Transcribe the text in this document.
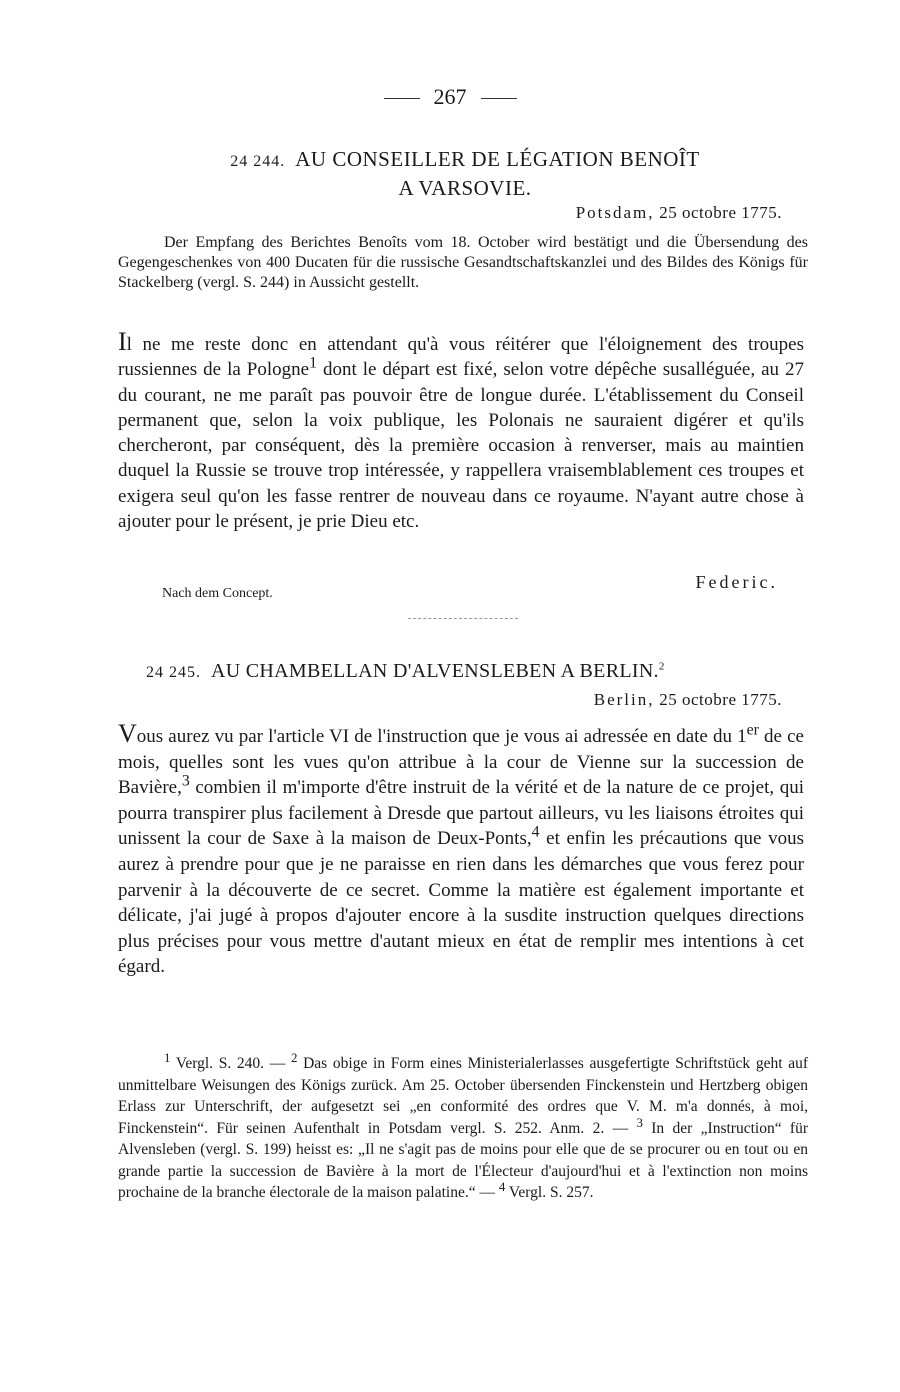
267
24 244. AU CONSEILLER DE LÉGATION BENOÎT
A VARSOVIE.
Potsdam, 25 octobre 1775.
Der Empfang des Berichtes Benoîts vom 18. October wird bestätigt und die Übersendung des Gegengeschenkes von 400 Ducaten für die russische Gesandtschaftskanzlei und des Bildes des Königs für Stackelberg (vergl. S. 244) in Aussicht gestellt.
Il ne me reste donc en attendant qu'à vous réitérer que l'éloignement des troupes russiennes de la Pologne$^1$ dont le départ est fixé, selon votre dépêche susalléguée, au 27 du courant, ne me paraît pas pouvoir être de longue durée. L'établissement du Conseil permanent que, selon la voix publique, les Polonais ne sauraient digérer et qu'ils chercheront, par conséquent, dès la première occasion à renverser, mais au maintien duquel la Russie se trouve trop intéressée, y rappellera vraisemblablement ces troupes et exigera seul qu'on les fasse rentrer de nouveau dans ce royaume. N'ayant autre chose à ajouter pour le présent, je prie Dieu etc.
Federic.
Nach dem Concept.
24 245. AU CHAMBELLAN D'ALVENSLEBEN A BERLIN.$^2$
Berlin, 25 octobre 1775.
Vous aurez vu par l'article VI de l'instruction que je vous ai adressée en date du 1er de ce mois, quelles sont les vues qu'on attribue à la cour de Vienne sur la succession de Bavière,$^3$ combien il m'importe d'être instruit de la vérité et de la nature de ce projet, qui pourra transpirer plus facilement à Dresde que partout ailleurs, vu les liaisons étroites qui unissent la cour de Saxe à la maison de Deux-Ponts,$^4$ et enfin les précautions que vous aurez à prendre pour que je ne paraisse en rien dans les démarches que vous ferez pour parvenir à la découverte de ce secret. Comme la matière est également importante et délicate, j'ai jugé à propos d'ajouter encore à la susdite instruction quelques directions plus précises pour vous mettre d'autant mieux en état de remplir mes intentions à cet égard.

$^1$ Vergl. S. 240. — $^2$ Das obige in Form eines Ministerialerlasses ausgefertigte Schriftstück geht auf unmittelbare Weisungen des Königs zurück. Am 25. October übersenden Finckenstein und Hertzberg obigen Erlass zur Unterschrift, der aufgesetzt sei „en conformité des ordres que V. M. m'a donnés, à moi, Finckenstein“. Für seinen Aufenthalt in Potsdam vergl. S. 252. Anm. 2. — $^3$ In der „Instruction“ für Alvensleben (vergl. S. 199) heisst es: „Il ne s'agit pas de moins pour elle que de se procurer ou en tout ou en grande partie la succession de Bavière à la mort de l'Électeur d'aujourd'hui et à l'extinction non moins prochaine de la branche électorale de la maison palatine.“ — $^4$ Vergl. S. 257.
